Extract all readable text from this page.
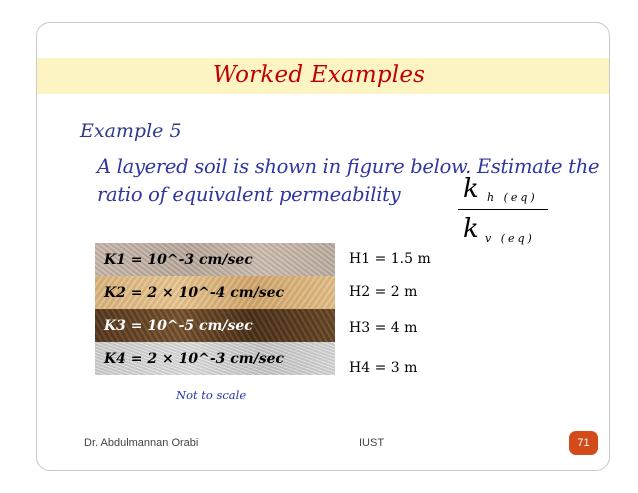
Worked Examples
Example 5
A layered soil is shown in figure below. Estimate the ratio of equivalent permeability	k h (eq)
k v (eq)
K1 = 10^-3 cm/sec
K2 = 2 × 10^-4 cm/sec
K3 = 10^-5 cm/sec
K4 = 2 × 10^-3 cm/sec
H1 = 1.5 m
H2 = 2 m
H3 = 4 m
H4 = 3 m
Not to scale
Dr. Abdulmannan Orabi	IUST	71
